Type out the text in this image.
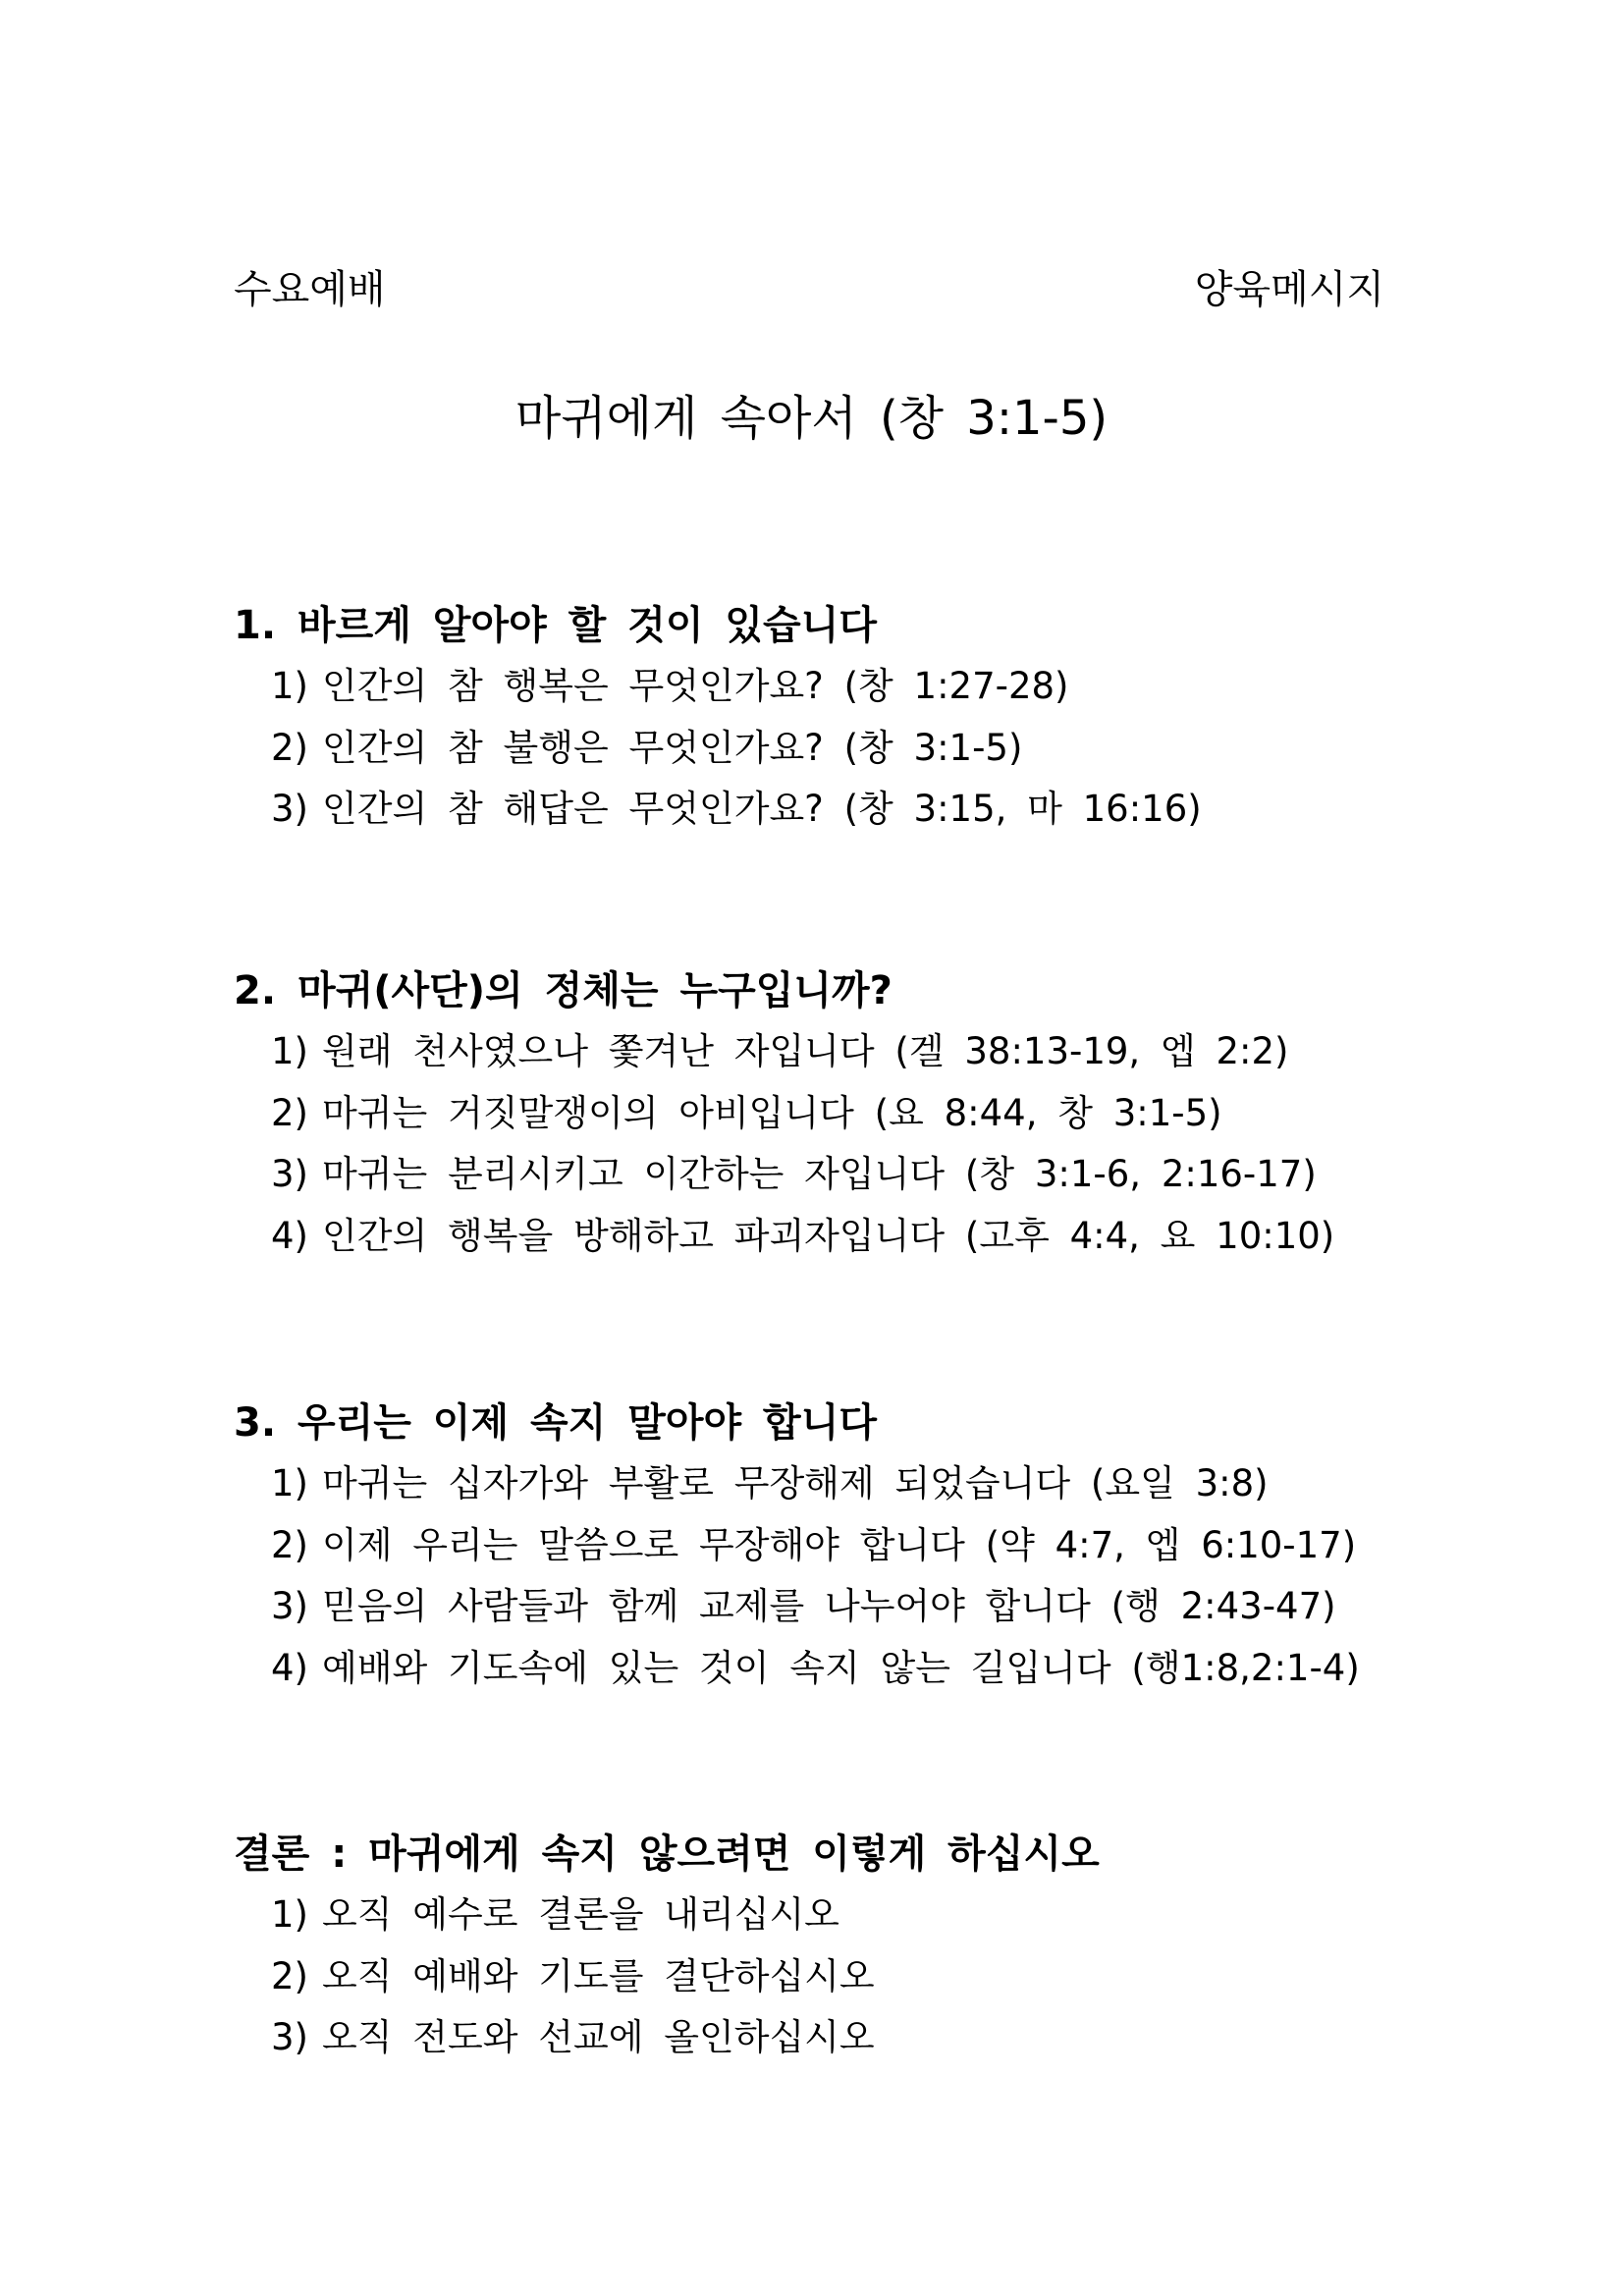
수요예배	양육메시지
마귀에게 속아서 (창 3:1-5)

1. 바르게 알아야 할 것이 있습니다

1) 인간의 참 행복은 무엇인가요? (창 1:27-28)

2) 인간의 참 불행은 무엇인가요? (창 3:1-5)

3) 인간의 참 해답은 무엇인가요? (창 3:15, 마 16:16)

2. 마귀(사단)의 정체는 누구입니까?

1) 원래 천사였으나 쫓겨난 자입니다 (겔 38:13-19, 엡 2:2)

2) 마귀는 거짓말쟁이의 아비입니다 (요 8:44, 창 3:1-5)

3) 마귀는 분리시키고 이간하는 자입니다 (창 3:1-6, 2:16-17)

4) 인간의 행복을 방해하고 파괴자입니다 (고후 4:4, 요 10:10)

3. 우리는 이제 속지 말아야 합니다

1) 마귀는 십자가와 부활로 무장해제 되었습니다 (요일 3:8)

2) 이제 우리는 말씀으로 무장해야 합니다 (약 4:7, 엡 6:10-17)

3) 믿음의 사람들과 함께 교제를 나누어야 합니다 (행 2:43-47)

4) 예배와 기도속에 있는 것이 속지 않는 길입니다 (행1:8,2:1-4)

결론 : 마귀에게 속지 않으려면 이렇게 하십시오

1) 오직 예수로 결론을 내리십시오

2) 오직 예배와 기도를 결단하십시오

3) 오직 전도와 선교에 올인하십시오
